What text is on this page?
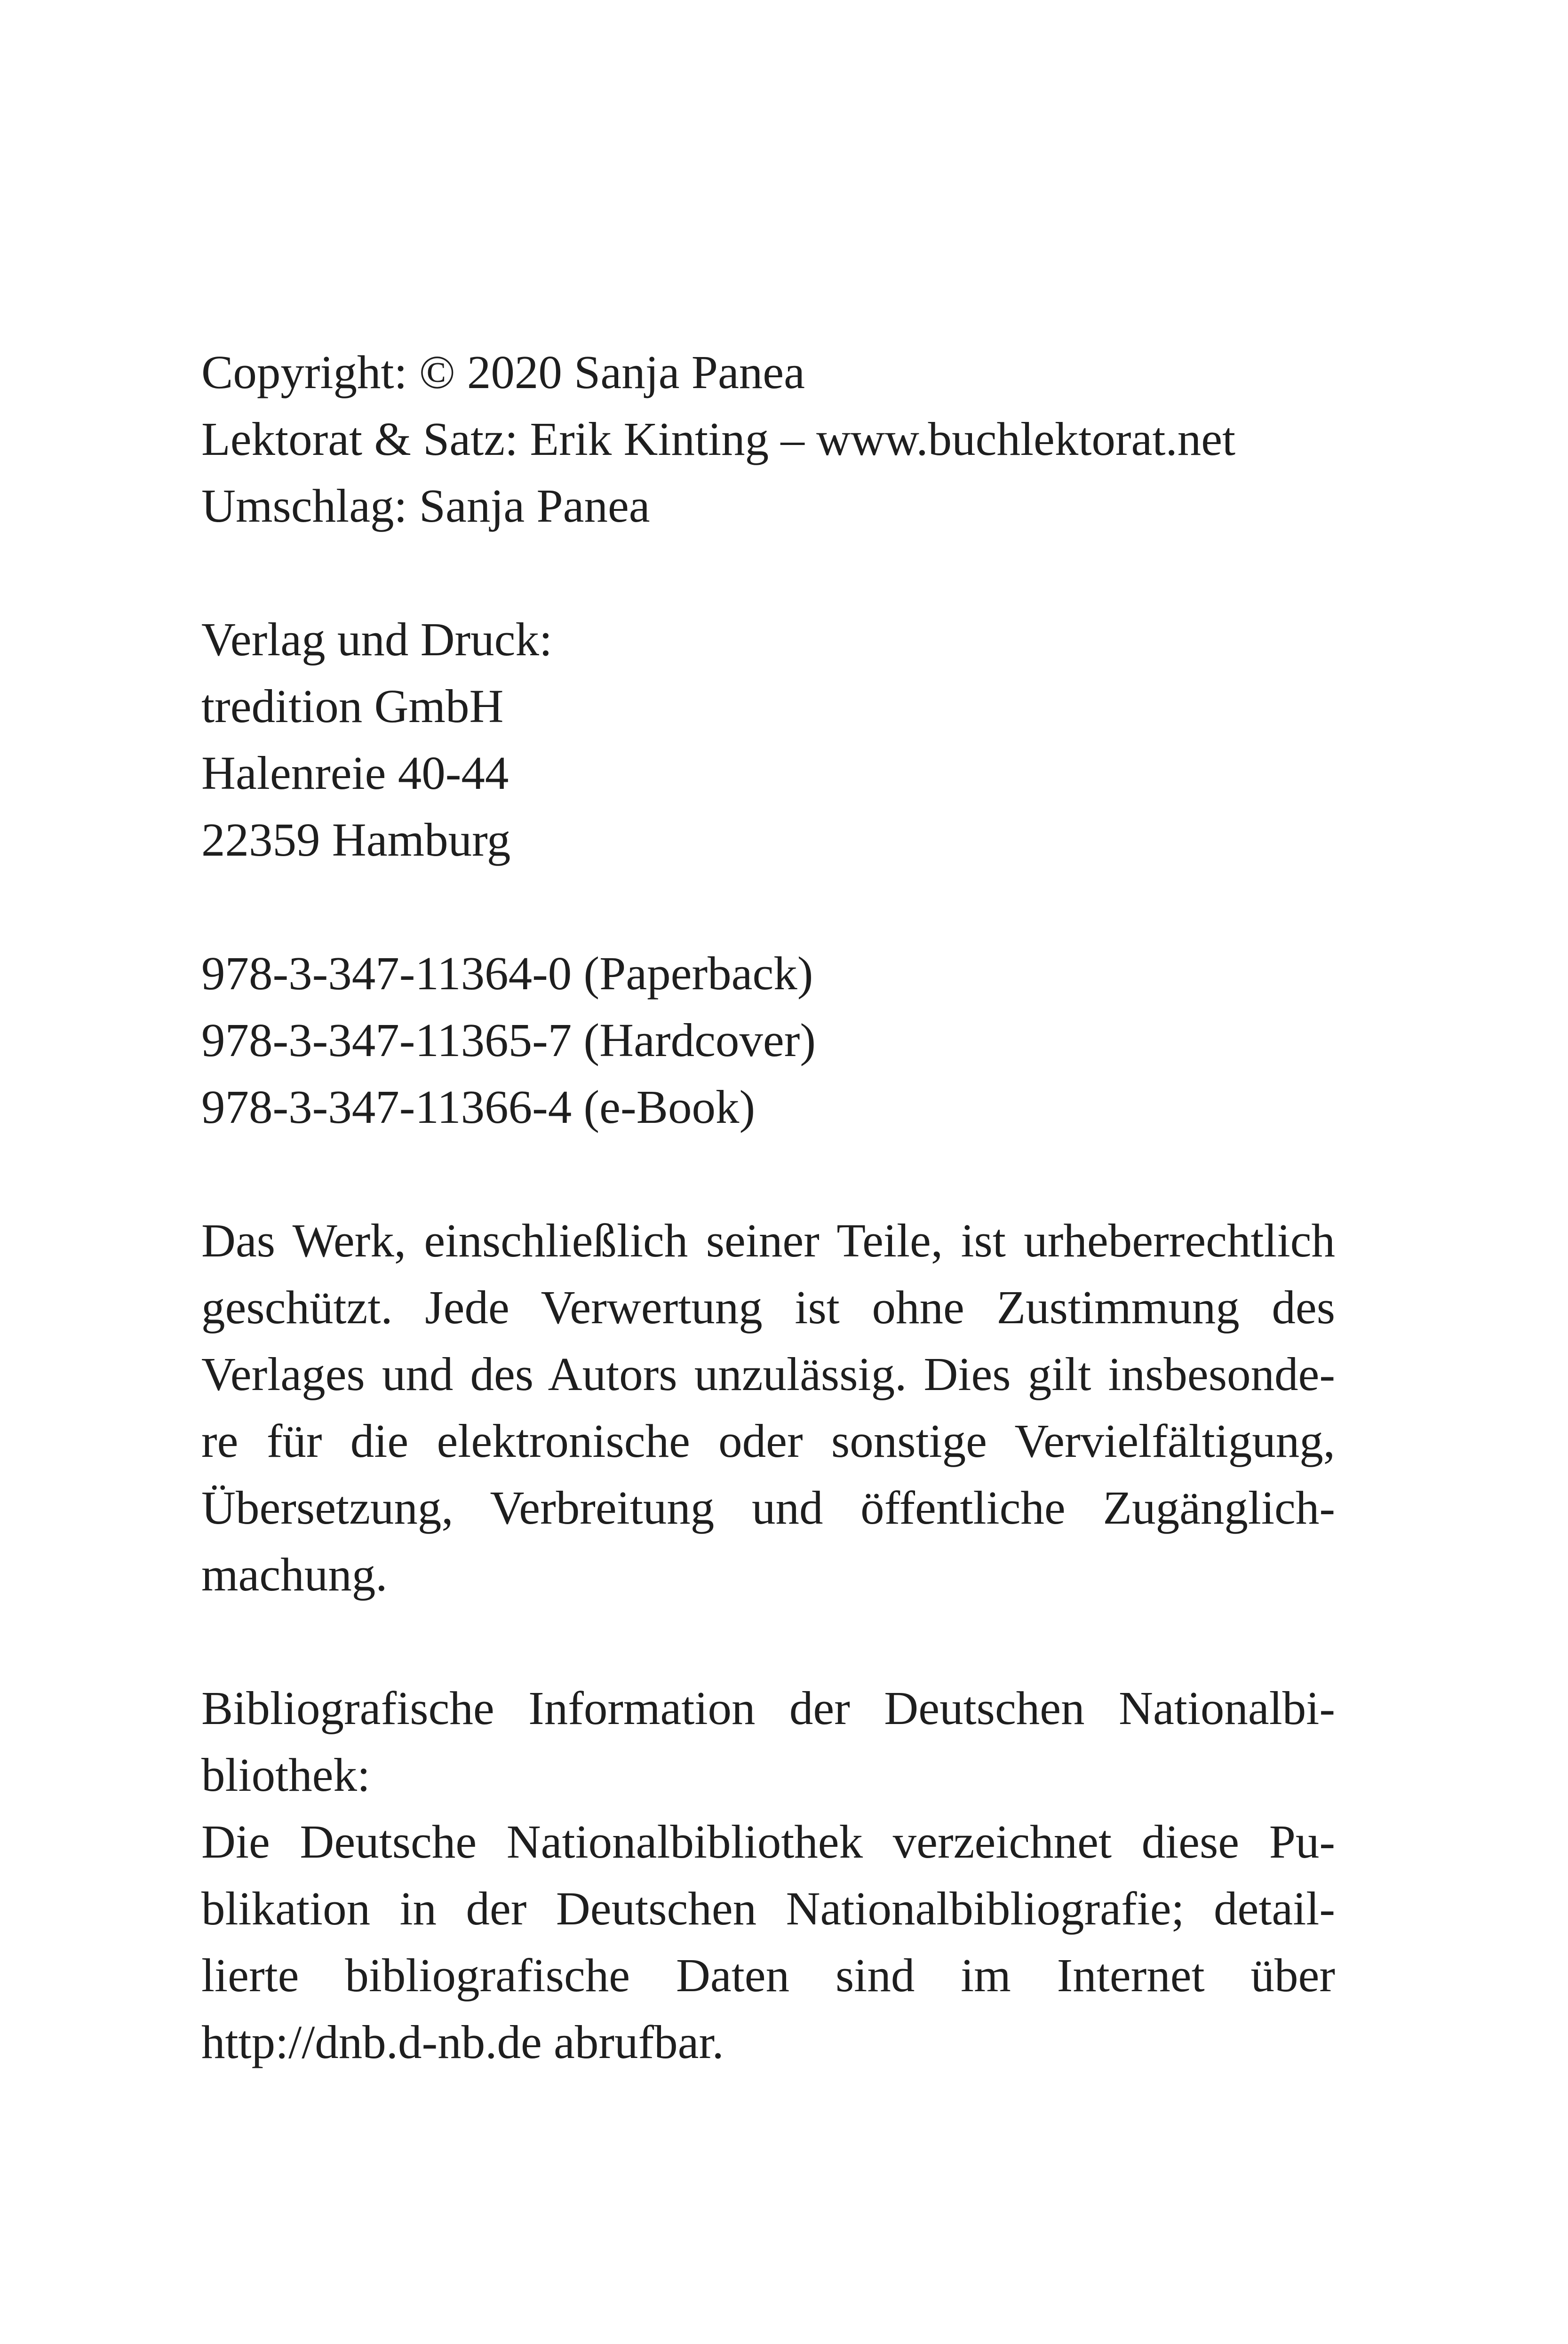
Copyright: © 2020 Sanja Panea
Lektorat & Satz: Erik Kinting – www.buchlektorat.net
Umschlag: Sanja Panea
Verlag und Druck:
tredition GmbH
Halenreie 40-44
22359 Hamburg
978-3-347-11364-0 (Paperback)
978-3-347-11365-7 (Hardcover)
978-3-347-11366-4 (e-Book)
Das Werk, einschließlich seiner Teile, ist urheberrechtlich
geschützt. Jede Verwertung ist ohne Zustimmung des
Verlages und des Autors unzulässig. Dies gilt insbesonde-
re für die elektronische oder sonstige Vervielfältigung,
Übersetzung, Verbreitung und öffentliche Zugänglich-
machung.
Bibliografische Information der Deutschen Nationalbi-
bliothek:
Die Deutsche Nationalbibliothek verzeichnet diese Pu-
blikation in der Deutschen Nationalbibliografie; detail-
lierte bibliografische Daten sind im Internet über
http://dnb.d-nb.de abrufbar.
